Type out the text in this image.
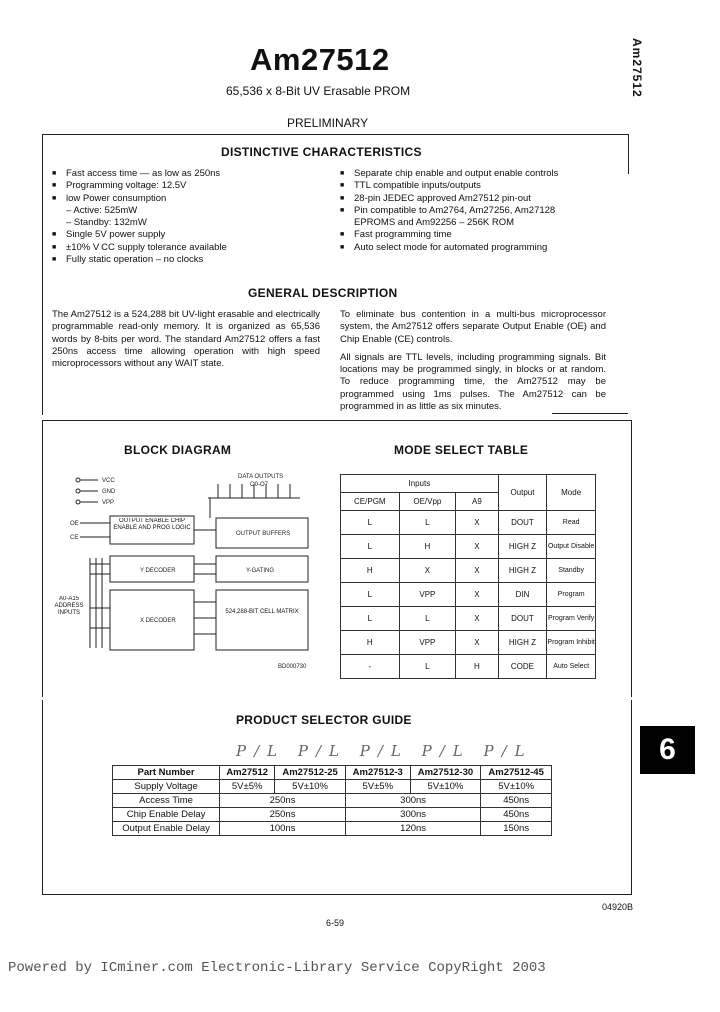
Am27512
65,536 x 8-Bit UV Erasable PROM
PRELIMINARY
Am27512
DISTINCTIVE CHARACTERISTICS
■ Fast access time — as low as 250ns
■ Programming voltage: 12.5V
■ low Power consumption
– Active: 525mW
– Standby: 132mW
■ Single 5V power supply
■ ±10% V CC supply tolerance available
■ Fully static operation – no clocks
■ Separate chip enable and output enable controls
■ TTL compatible inputs/outputs
■ 28-pin JEDEC approved Am27512 pin-out
■ Pin compatible to Am2764, Am27256, Am27128
EPROMS and Am92256 – 256K ROM
■ Fast programming time
■ Auto select mode for automated programming
GENERAL DESCRIPTION

The Am27512 is a 524,288 bit UV-light erasable and electrically programmable read-only memory. It is organized as 65,536 words by 8-bits per word. The standard Am27512 offers a fast 250ns access time allowing operation with high speed microprocessors without any WAIT state.

To eliminate bus contention in a multi-bus microprocessor system, the Am27512 offers separate Output Enable (OE) and Chip Enable (CE) controls.

All signals are TTL levels, including programming signals. Bit locations may be programmed singly, in blocks or at random. To reduce programming time, the Am27512 may be programmed using 1ms pulses. The Am27512 can be programmed in as little as six minutes.

BLOCK DIAGRAM	MODE SELECT TABLE
VCC
GND
VPP
OE
CE
DATA OUTPUTS
O0-O7
OUTPUT ENABLE CHIP ENABLE AND PROG LOGIC
OUTPUT BUFFERS
Y DECODER	Y-GATING
X DECODER
524,288-BIT CELL MATRIX
A0-A15 ADDRESS INPUTS
BD000730
Inputs			Output	Mode
CE/PGM	OE/Vpp	A9		
L	L	X	DOUT	Read
L	H	X	HIGH Z	Output Disable
H	X	X	HIGH Z	Standby
L	VPP	X	DIN	Program
L	L	X	DOUT	Program Verify
H	VPP	X	HIGH Z	Program Inhibit
-	L	H	CODE	Auto Select
PRODUCT SELECTOR GUIDE
P/L P/L P/L P/L P/L
Part Number	Am27512	Am27512-25	Am27512-3	Am27512-30	Am27512-45
Supply Voltage	5V±5%	5V±10%	5V±5%	5V±10%	5V±10%
Access Time	250ns		300ns		450ns
Chip Enable Delay	250ns		300ns		450ns
Output Enable Delay	100ns		120ns		150ns
6
04920B
6-59
Powered by ICminer.com Electronic-Library Service CopyRight 2003
